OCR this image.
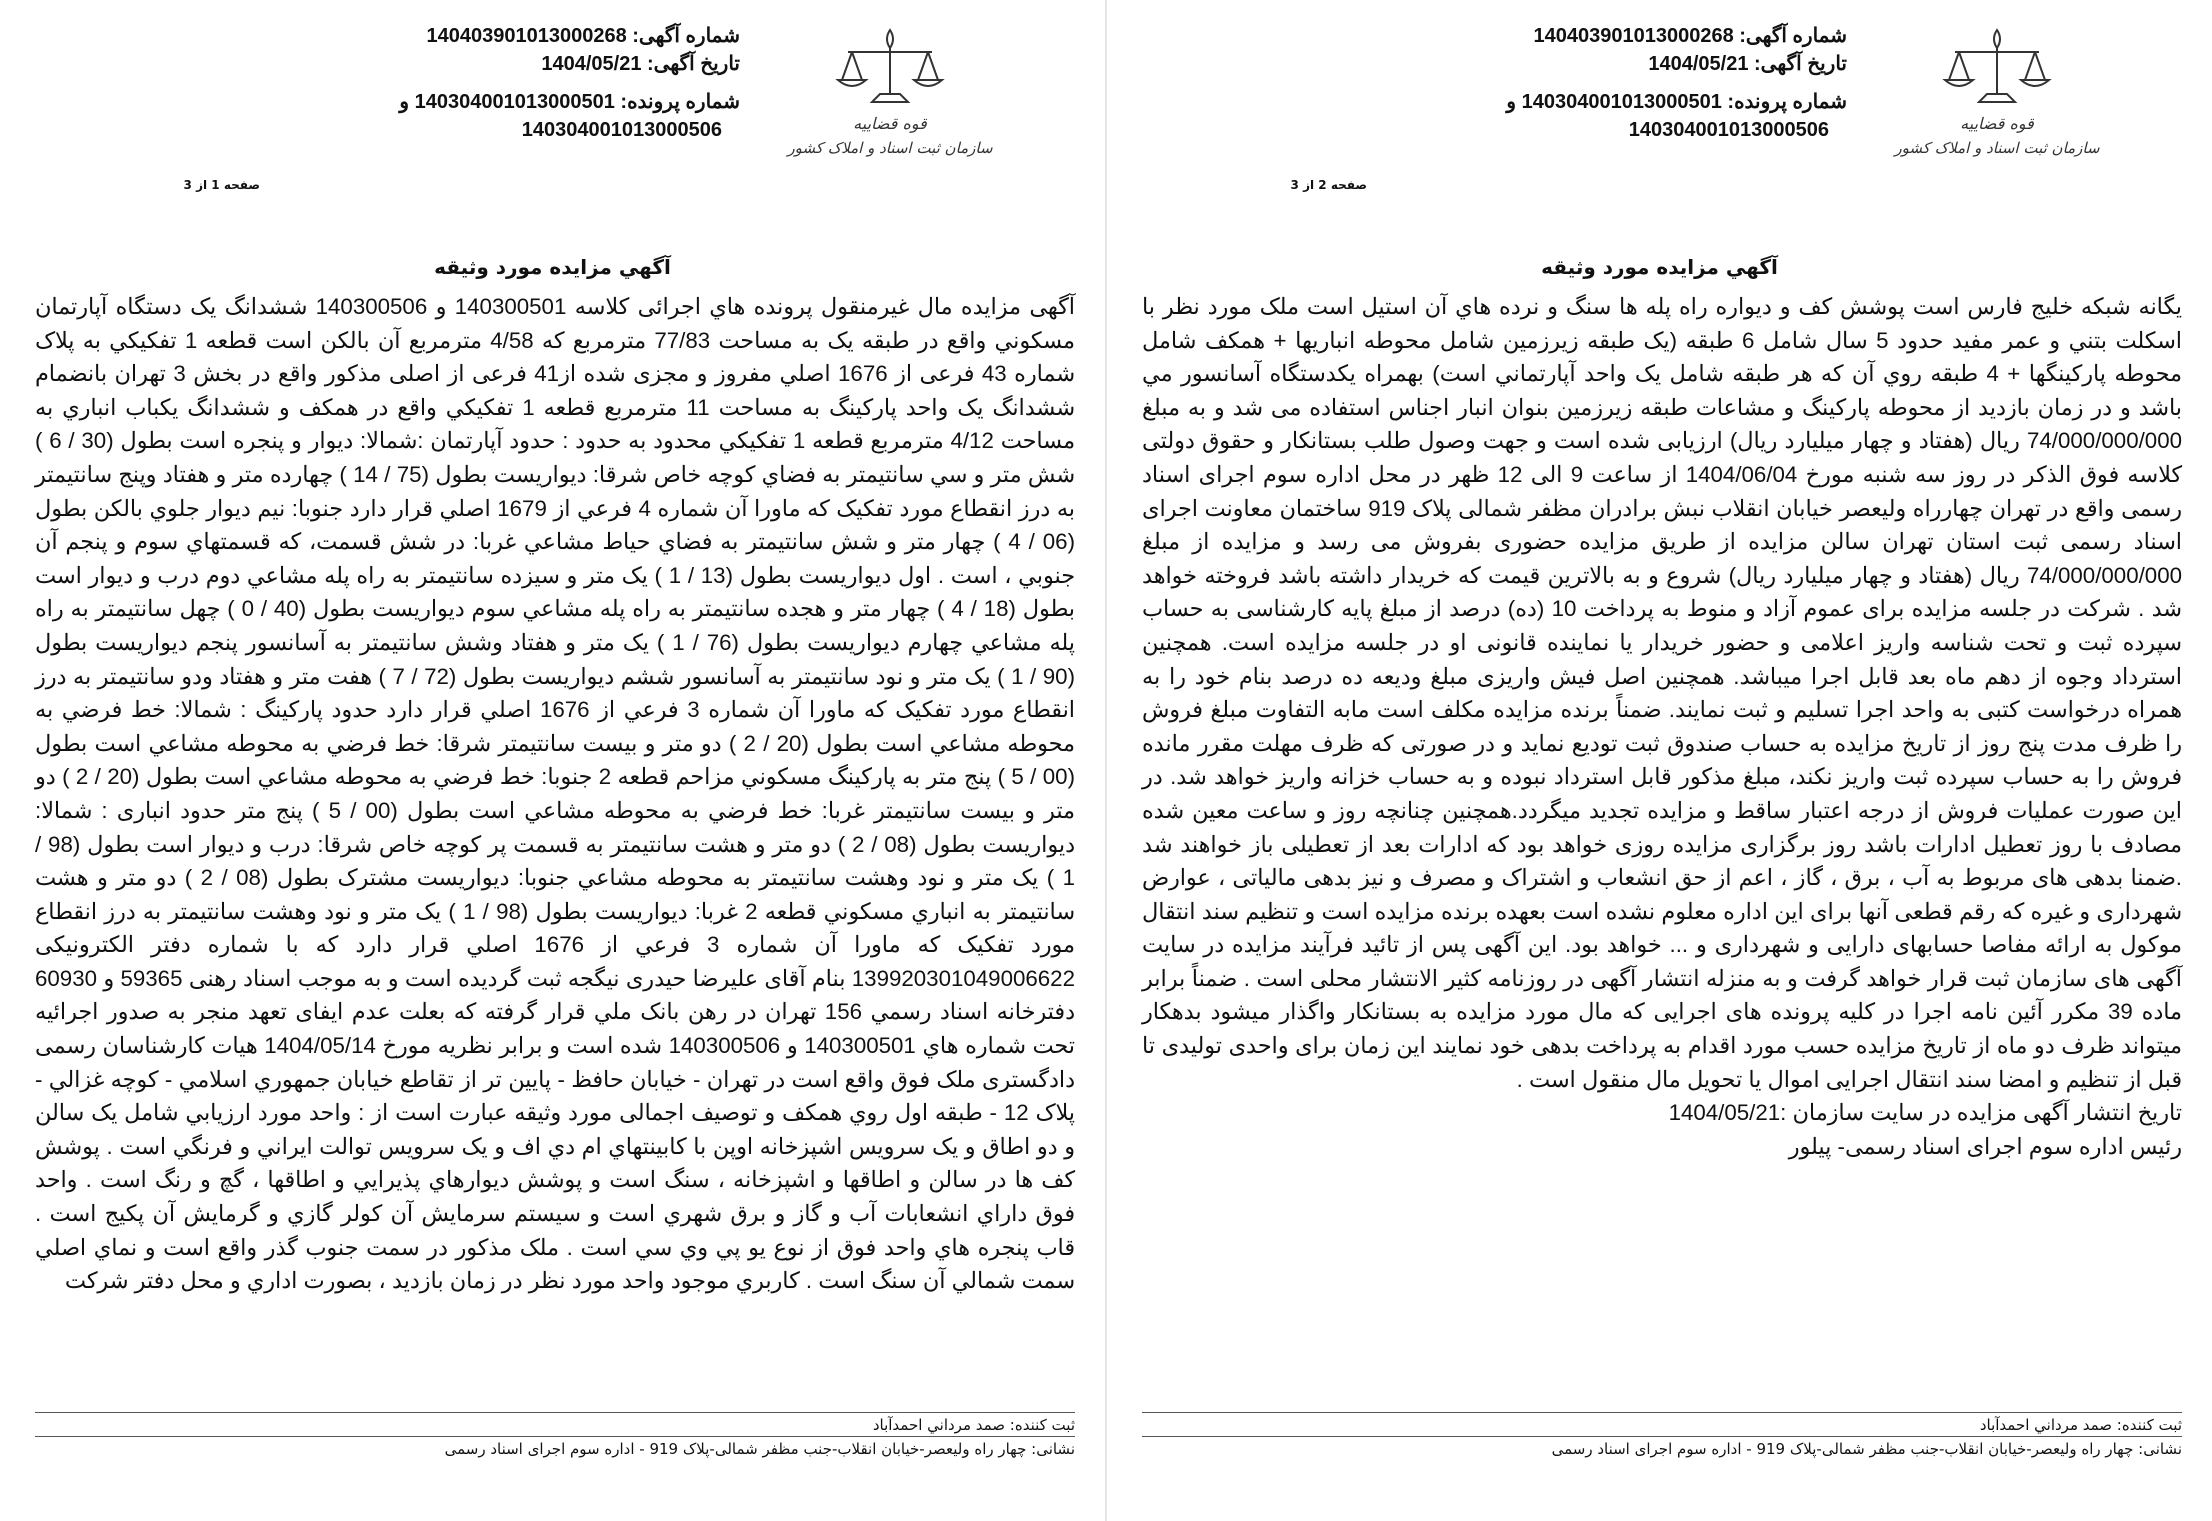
شماره آگهی: 140403901013000268
تاریخ آگهی: 1404/05/21
شماره پرونده: 140304001013000501 و
140304001013000506	قوه قضاییه
سازمان ثبت اسناد و املاک کشور
صفحه 1 از 3
آگهي مزايده مورد وثيقه

آگهی مزایده مال غیرمنقول پرونده هاي اجرائی کلاسه 140300501 و 140300506 ششدانگ يک دستگاه آپارتمان مسکوني واقع در طبقه يک به مساحت 77/83 مترمربع که 4/58 مترمربع آن بالکن است قطعه 1 تفکيکي به پلاک شماره 43 فرعی از 1676 اصلي مفروز و مجزی شده از41 فرعی از اصلی مذکور واقع در بخش 3 تهران بانضمام ششدانگ يک واحد پارکينگ به مساحت 11 مترمربع قطعه 1 تفکيکي واقع در همکف و ششدانگ يکباب انباري به مساحت 4/12 مترمربع قطعه 1 تفکيکي محدود به حدود : حدود آپارتمان :شمالا: ديوار و پنجره است بطول (30 / 6 ) شش متر و سي سانتيمتر به فضاي کوچه خاص شرقا: ديواريست بطول (75 / 14 ) چهارده متر و هفتاد وپنج سانتيمتر به درز انقطاع مورد تفکيک که ماورا آن شماره 4 فرعي از 1679 اصلي قرار دارد جنوبا: نيم ديوار جلوي بالکن بطول (06 / 4 ) چهار متر و شش سانتيمتر به فضاي حياط مشاعي غربا: در شش قسمت، که قسمتهاي سوم و پنجم آن جنوبي ، است . اول ديواريست بطول (13 / 1 ) يک متر و سيزده سانتيمتر به راه پله مشاعي دوم درب و ديوار است بطول (18 / 4 ) چهار متر و هجده سانتيمتر به راه پله مشاعي سوم ديواريست بطول (40 / 0 ) چهل سانتيمتر به راه پله مشاعي چهارم ديواريست بطول (76 / 1 ) يک متر و هفتاد وشش سانتيمتر به آسانسور پنجم ديواريست بطول (90 / 1 ) يک متر و نود سانتيمتر به آسانسور ششم ديواريست بطول (72 / 7 ) هفت متر و هفتاد ودو سانتيمتر به درز انقطاع مورد تفکيک که ماورا آن شماره 3 فرعي از 1676 اصلي قرار دارد حدود پارکينگ : شمالا: خط فرضي به محوطه مشاعي است بطول (20 / 2 ) دو متر و بيست سانتيمتر شرقا: خط فرضي به محوطه مشاعي است بطول (00 / 5 ) پنج متر به پارکينگ مسکوني مزاحم قطعه 2 جنوبا: خط فرضي به محوطه مشاعي است بطول (20 / 2 ) دو متر و بيست سانتيمتر غربا: خط فرضي به محوطه مشاعي است بطول (00 / 5 ) پنج متر حدود انباری : شمالا: ديواريست بطول (08 / 2 ) دو متر و هشت سانتيمتر به قسمت پر کوچه خاص شرقا: درب و ديوار است بطول (98 / 1 ) يک متر و نود وهشت سانتيمتر به محوطه مشاعي جنوبا: ديواريست مشترک بطول (08 / 2 ) دو متر و هشت سانتيمتر به انباري مسکوني قطعه 2 غربا: ديواريست بطول (98 / 1 ) يک متر و نود وهشت سانتيمتر به درز انقطاع مورد تفکيک که ماورا آن شماره 3 فرعي از 1676 اصلي قرار دارد که با شماره دفتر الکترونیکی 139920301049006622 بنام آقای علیرضا حیدری نیگجه ثبت گردیده است و به موجب اسناد رهنی 59365 و 60930 دفترخانه اسناد رسمي 156 تهران در رهن بانک ملي قرار گرفته که بعلت عدم ایفای تعهد منجر به صدور اجرائیه تحت شماره هاي 140300501 و 140300506 شده است و برابر نظريه مورخ 1404/05/14 هيات کارشناسان رسمی دادگستری ملک فوق واقع است در تهران - خیابان حافظ - پایین تر از تقاطع خيابان جمهوري اسلامي - کوچه غزالي - پلاک 12 - طبقه اول روي همکف و توصيف اجمالی مورد وثیقه عبارت است از : واحد مورد ارزيابي شامل يک سالن و دو اطاق و يک سرويس اشپزخانه اوپن با کابينتهاي ام دي اف و يک سرويس توالت ايراني و فرنگي است . پوشش کف ها در سالن و اطاقها و اشپزخانه ، سنگ است و پوشش ديوارهاي پذيرايي و اطاقها ، گچ و رنگ است . واحد فوق داراي انشعابات آب و گاز و برق شهري است و سيستم سرمايش آن کولر گازي و گرمايش آن پکيج است . قاب پنجره هاي واحد فوق از نوع يو پي وي سي است . ملک مذکور در سمت جنوب گذر واقع است و نماي اصلي سمت شمالي آن سنگ است . کاربري موجود واحد مورد نظر در زمان بازديد ، بصورت اداري و محل دفتر شرکت

ثبت کننده: صمد مرداني احمدآباد
نشانی: چهار راه ولیعصر-خیابان انقلاب-جنب مظفر شمالی-پلاک 919 - اداره سوم اجرای اسناد رسمی
شماره آگهی: 140403901013000268
تاریخ آگهی: 1404/05/21
شماره پرونده: 140304001013000501 و
140304001013000506	قوه قضاییه
سازمان ثبت اسناد و املاک کشور
صفحه 2 از 3
آگهي مزايده مورد وثيقه

يگانه شبکه خليج فارس است پوشش کف و ديواره راه پله ها سنگ و نرده هاي آن استيل است ملک مورد نظر با اسکلت بتني و عمر مفيد حدود 5 سال شامل 6 طبقه (يک طبقه زيرزمين شامل محوطه انباريها + همکف شامل محوطه پارکينگها + 4 طبقه روي آن که هر طبقه شامل يک واحد آپارتماني است) بهمراه يکدستگاه آسانسور مي باشد و در زمان بازديد از محوطه پارکينگ و مشاعات طبقه زيرزمين بنوان انبار اجناس استفاده می شد و به مبلغ 74/000/000/000 ریال (هفتاد و چهار میلیارد ریال) ارزیابی شده است و جهت وصول طلب بستانکار و حقوق دولتی کلاسه فوق الذکر در روز سه شنبه مورخ 1404/06/04 از ساعت 9 الی 12 ظهر در محل اداره سوم اجرای اسناد رسمی واقع در تهران چهارراه ولیعصر خیابان انقلاب نبش برادران مظفر شمالی پلاک 919 ساختمان معاونت اجرای اسناد رسمی ثبت استان تهران سالن مزایده از طریق مزایده حضوری بفروش می رسد و مزایده از مبلغ 74/000/000/000 ریال (هفتاد و چهار میلیارد ریال) شروع و به بالاترین قیمت که خریدار داشته باشد فروخته خواهد شد . شرکت در جلسه مزایده برای عموم آزاد و منوط به پرداخت 10 (ده) درصد از مبلغ پایه کارشناسی به حساب سپرده ثبت و تحت شناسه واریز اعلامی و حضور خریدار یا نماینده قانونی او در جلسه مزایده است. همچنین استرداد وجوه از دهم ماه بعد قابل اجرا میباشد. همچنین اصل فیش واریزی مبلغ ودیعه ده درصد بنام خود را به همراه درخواست کتبی به واحد اجرا تسلیم و ثبت نمایند. ضمناً برنده مزایده مکلف است مابه التفاوت مبلغ فروش را ظرف مدت پنج روز از تاریخ مزایده به حساب صندوق ثبت تودیع نماید و در صورتی که ظرف مهلت مقرر مانده فروش را به حساب سپرده ثبت واریز نکند، مبلغ مذکور قابل استرداد نبوده و به حساب خزانه واریز خواهد شد. در این صورت عملیات فروش از درجه اعتبار ساقط و مزایده تجدید میگردد.همچنین چنانچه روز و ساعت معین شده مصادف با روز تعطیل ادارات باشد روز برگزاری مزایده روزی خواهد بود که ادارات بعد از تعطیلی باز خواهند شد .ضمنا بدهی های مربوط به آب ، برق ، گاز ، اعم از حق انشعاب و اشتراک و مصرف و نیز بدهی مالیاتی ، عوارض شهرداری و غیره که رقم قطعی آنها برای این اداره معلوم نشده است بعهده برنده مزایده است و تنظیم سند انتقال موکول به ارائه مفاصا حسابهای دارایی و شهرداری و ... خواهد بود. این آگهی پس از تائید فرآیند مزایده در سایت آگهی های سازمان ثبت قرار خواهد گرفت و به منزله انتشار آگهی در روزنامه کثیر الانتشار محلی است . ضمناً برابر ماده 39 مکرر آئین نامه اجرا در کلیه پرونده های اجرایی که مال مورد مزایده به بستانکار واگذار میشود بدهکار میتواند ظرف دو ماه از تاریخ مزایده حسب مورد اقدام به پرداخت بدهی خود نمایند این زمان برای واحدی تولیدی تا قبل از تنظیم و امضا سند انتقال اجرایی اموال یا تحویل مال منقول است .

تاریخ انتشار آگهی مزایده در سایت سازمان :1404/05/21

رئیس اداره سوم اجرای اسناد رسمی- پیلور

ثبت کننده: صمد مرداني احمدآباد
نشانی: چهار راه ولیعصر-خیابان انقلاب-جنب مظفر شمالی-پلاک 919 - اداره سوم اجرای اسناد رسمی
